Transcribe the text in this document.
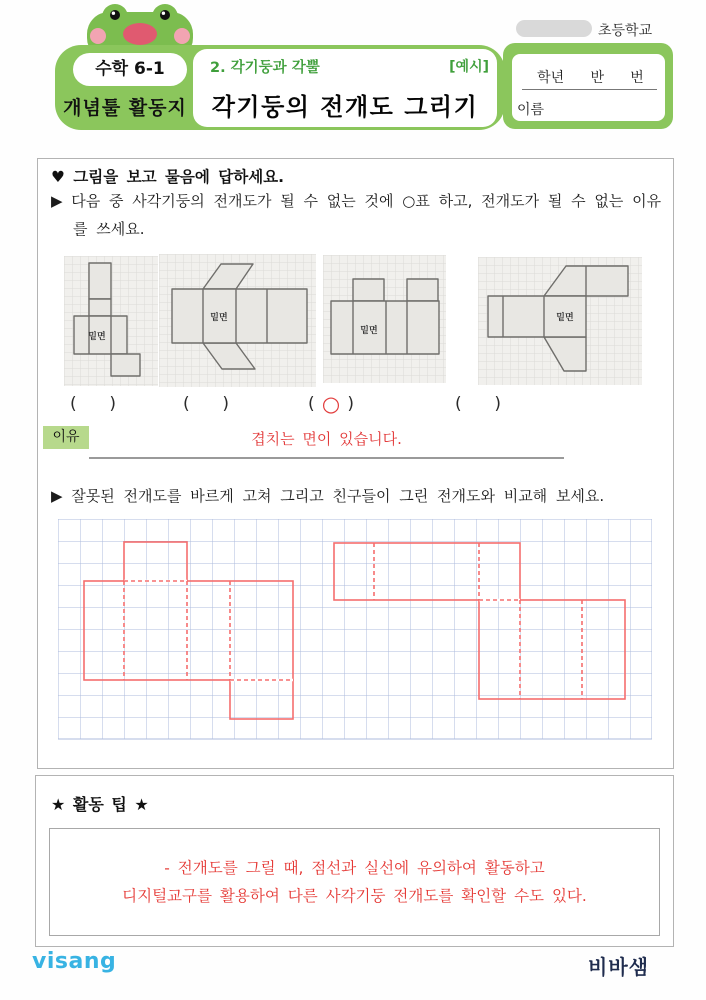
수학 6-1
개념툴 활동지
2. 각기둥과 각뿔	[예시]
각기둥의 전개도 그리기
초등학교
학년 반 번
이름
♥ 그림을 보고 물음에 답하세요.
▶ 다음 중 사각기둥의 전개도가 될 수 없는 것에 ○표 하고, 전개도가 될 수 없는 이유
를 쓰세요.
밑면
밑면
밑면
밑면
( )	( )	( ○ )	( )
이유	겹치는 면이 있습니다.
▶ 잘못된 전개도를 바르게 고쳐 그리고 친구들이 그린 전개도와 비교해 보세요.
★ 활동 팁 ★
- 전개도를 그릴 때, 점선과 실선에 유의하여 활동하고
디지털교구를 활용하여 다른 사각기둥 전개도를 확인할 수도 있다.
visang	비바샘
